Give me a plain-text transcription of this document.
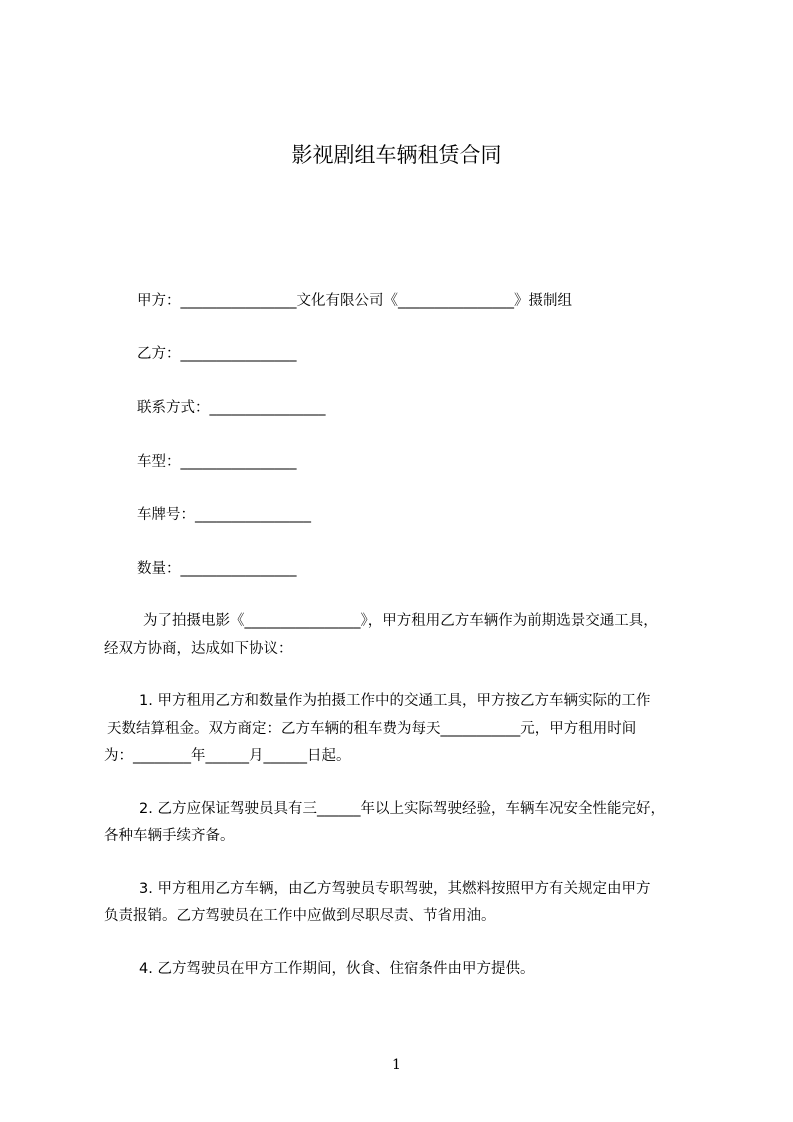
影视剧组车辆租赁合同
甲方：________________文化有限公司《________________》摄制组
乙方：________________
联系方式：________________
车型：________________
车牌号：________________
数量：________________
为了拍摄电影《________________》，甲方租用乙方车辆作为前期选景交通工具，
经双方协商，达成如下协议：
1. 甲方租用乙方和数量作为拍摄工作中的交通工具，甲方按乙方车辆实际的工作
天数结算租金。双方商定：乙方车辆的租车费为每天___________元，甲方租用时间
为：________年______月______日起。
2. 乙方应保证驾驶员具有三______年以上实际驾驶经验，车辆车况安全性能完好，
各种车辆手续齐备。
3. 甲方租用乙方车辆，由乙方驾驶员专职驾驶，其燃料按照甲方有关规定由甲方
负责报销。乙方驾驶员在工作中应做到尽职尽责、节省用油。
4. 乙方驾驶员在甲方工作期间，伙食、住宿条件由甲方提供。
1
